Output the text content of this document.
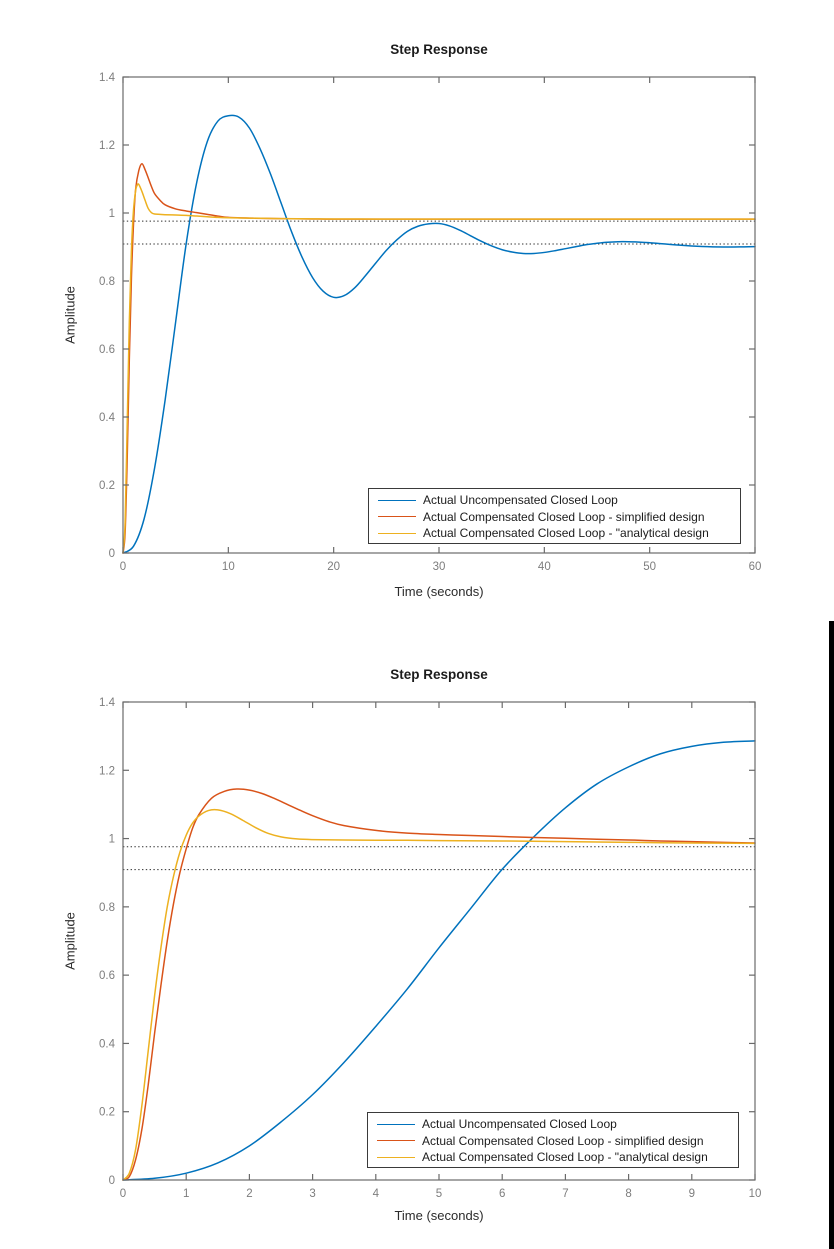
0	10	20	30	40	50	60
0
0.2
0.4
0.6
0.8
1
1.2
1.4
0	1	2	3	4	5	6	7	8	9	10
0
0.2
0.4
0.6
0.8
1
1.2
1.4
Step Response
Amplitude
Time (seconds)
Actual Uncompensated Closed Loop
Actual Compensated Closed Loop - simplified design
Actual Compensated Closed Loop - "analytical design
Step Response
Amplitude
Time (seconds)
Actual Uncompensated Closed Loop
Actual Compensated Closed Loop - simplified design
Actual Compensated Closed Loop - "analytical design
